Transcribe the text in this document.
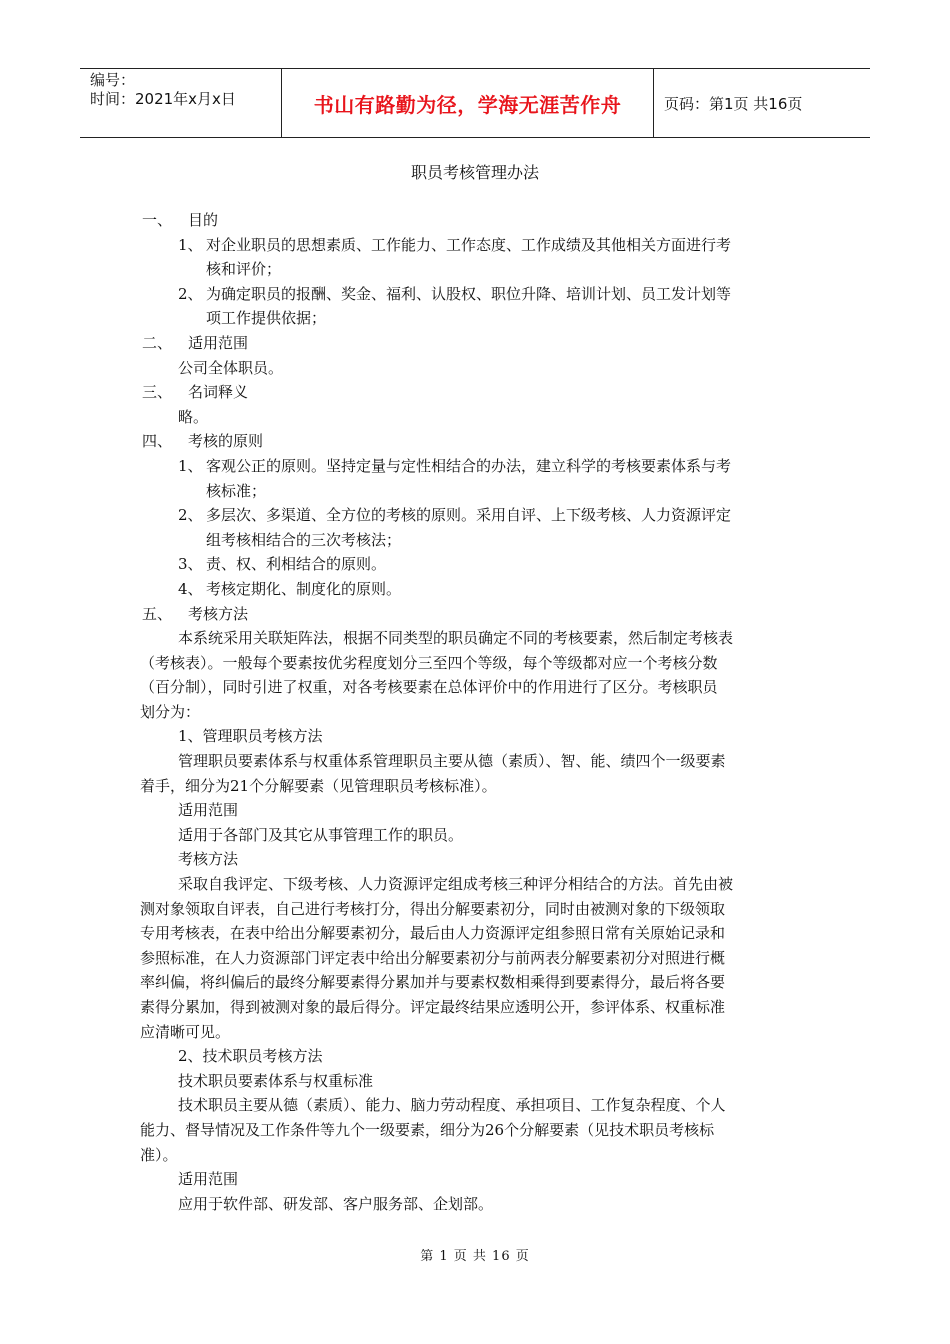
编号：
时间：2021年x月x日	书山有路勤为径，学海无涯苦作舟	页码：第1页 共16页
职员考核管理办法
一、 目的
1、 对企业职员的思想素质、工作能力、工作态度、工作成绩及其他相关方面进行考
核和评价；
2、 为确定职员的报酬、奖金、福利、认股权、职位升降、培训计划、员工发计划等
项工作提供依据；
二、 适用范围
公司全体职员。
三、 名词释义
略。
四、 考核的原则
1、 客观公正的原则。坚持定量与定性相结合的办法，建立科学的考核要素体系与考
核标准；
2、 多层次、多渠道、全方位的考核的原则。采用自评、上下级考核、人力资源评定
组考核相结合的三次考核法；
3、 责、权、利相结合的原则。
4、 考核定期化、制度化的原则。
五、 考核方法
本系统采用关联矩阵法，根据不同类型的职员确定不同的考核要素，然后制定考核表
（考核表）。一般每个要素按优劣程度划分三至四个等级，每个等级都对应一个考核分数
（百分制），同时引进了权重，对各考核要素在总体评价中的作用进行了区分。考核职员
划分为：
1、管理职员考核方法
管理职员要素体系与权重体系管理职员主要从德（素质）、智、能、绩四个一级要素
着手，细分为21个分解要素（见管理职员考核标准）。
适用范围
适用于各部门及其它从事管理工作的职员。
考核方法
采取自我评定、下级考核、人力资源评定组成考核三种评分相结合的方法。首先由被
测对象领取自评表，自己进行考核打分，得出分解要素初分，同时由被测对象的下级领取
专用考核表，在表中给出分解要素初分，最后由人力资源评定组参照日常有关原始记录和
参照标准，在人力资源部门评定表中给出分解要素初分与前两表分解要素初分对照进行概
率纠偏，将纠偏后的最终分解要素得分累加并与要素权数相乘得到要素得分，最后将各要
素得分累加，得到被测对象的最后得分。评定最终结果应透明公开，参评体系、权重标准
应清晰可见。
2、技术职员考核方法
技术职员要素体系与权重标准
技术职员主要从德（素质）、能力、脑力劳动程度、承担项目、工作复杂程度、个人
能力、督导情况及工作条件等九个一级要素，细分为26个分解要素（见技术职员考核标
准）。
适用范围
应用于软件部、研发部、客户服务部、企划部。
第 1 页 共 16 页
